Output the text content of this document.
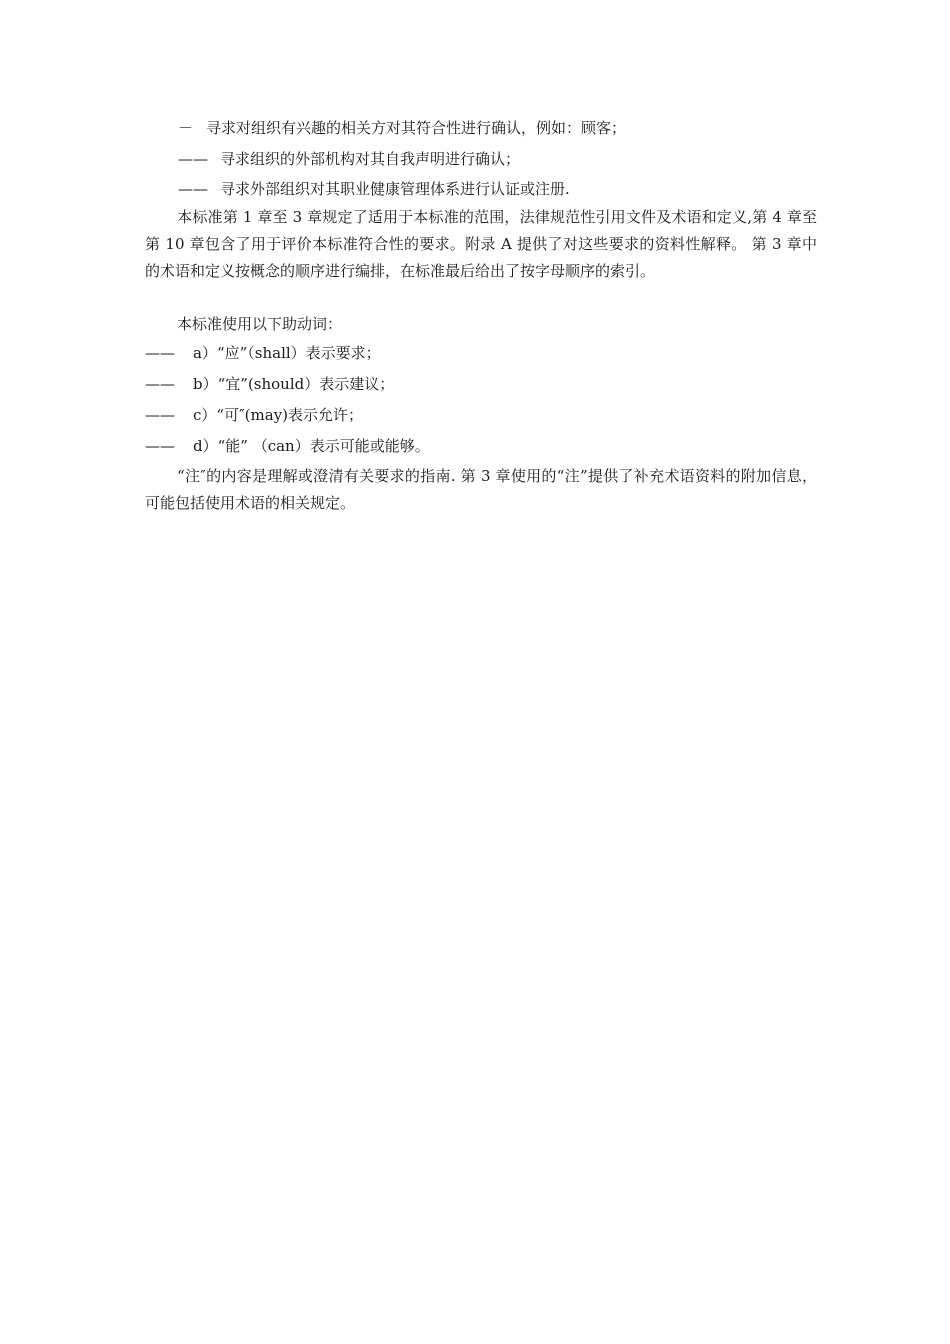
－ 寻求对组织有兴趣的相关方对其符合性进行确认，例如：顾客；
—— 寻求组织的外部机构对其自我声明进行确认；
—— 寻求外部组织对其职业健康管理体系进行认证或注册.
本标准第 1 章至 3 章规定了适用于本标准的范围，法律规范性引用文件及术语和定义,第 4 章至第 10 章包含了用于评价本标准符合性的要求。附录 A 提供了对这些要求的资料性解释。 第 3 章中的术语和定义按概念的顺序进行编排，在标准最后给出了按字母顺序的索引。
本标准使用以下助动词：
—— a）“应”（shall）表示要求；
—— b）“宜”(should）表示建议；
—— c）“可″(may)表示允许；
—— d）“能” （can）表示可能或能够。
“注″的内容是理解或澄清有关要求的指南. 第 3 章使用的“注”提供了补充术语资料的附加信息，可能包括使用术语的相关规定。
